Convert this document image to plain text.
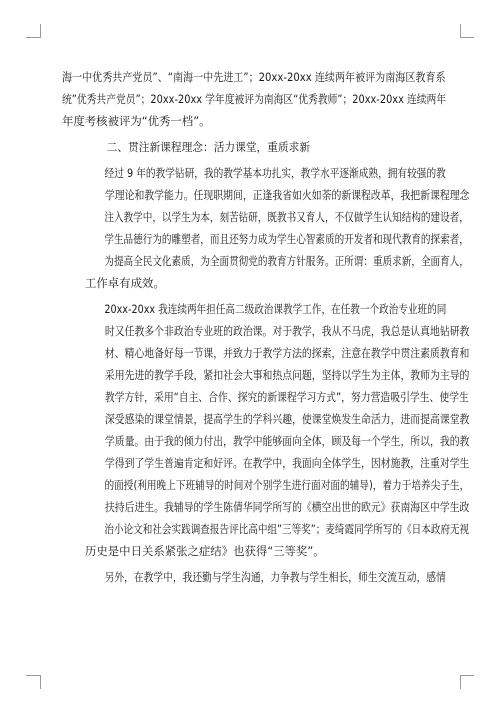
海一中优秀共产党员”、“南海一中先进工”；20xx-20xx 连续两年被评为南海区教育系
统”优秀共产党员”；20xx-20xx 学年度被评为南海区“优秀教师”；20xx-20xx 连续两年
年度考核被评为“优秀一档”。

二、贯注新课程理念：活力课堂，重质求新

经过 9 年的教学钻研，我的教学基本功扎实，教学水平逐渐成熟，拥有较强的教
学理论和教学能力。任现职期间，正逢我省如火如荼的新课程改革，我把新课程理念
注入教学中，以学生为本，刻苦钻研，既教书又育人，不仅做学生认知结构的建设者，
学生品德行为的雕塑者，而且还努力成为学生心智素质的开发者和现代教育的探索者，
为提高全民文化素质，为全面贯彻党的教育方针服务。正所谓：重质求新，全面育人，
工作卓有成效。

20xx-20xx 我连续两年担任高二级政治课教学工作，在任教一个政治专业班的同
时又任教多个非政治专业班的政治课。对于教学，我从不马虎，我总是认真地钻研教
材、精心地备好每一节课，并致力于教学方法的探索，注意在教学中贯注素质教育和
采用先进的教学手段，紧扣社会大事和热点问题，坚持以学生为主体，教师为主导的
教学方针，采用“自主、合作、探究的新课程学习方式”，努力营造吸引学生、使学生
深受感染的课堂情景，提高学生的学科兴趣，使课堂焕发生命活力，进而提高课堂教
学质量。由于我的倾力付出，教学中能够面向全体，顾及每一个学生，所以，我的教
学得到了学生普遍肯定和好评。在教学中，我面向全体学生，因材施教，注重对学生
的面授(利用晚上下班辅导的时间对个别学生进行面对面的辅导)，着力于培养尖子生，
扶持后进生。我辅导的学生陈倩华同学所写的《横空出世的欧元》获南海区中学生政
治小论文和社会实践调查报告评比高中组”三等奖”；麦绮霞同学所写的《日本政府无视
历史是中日关系紧张之症结》也获得“三等奖”。

另外，在教学中，我还勤与学生沟通，力争教与学生相长，师生交流互动，感情
